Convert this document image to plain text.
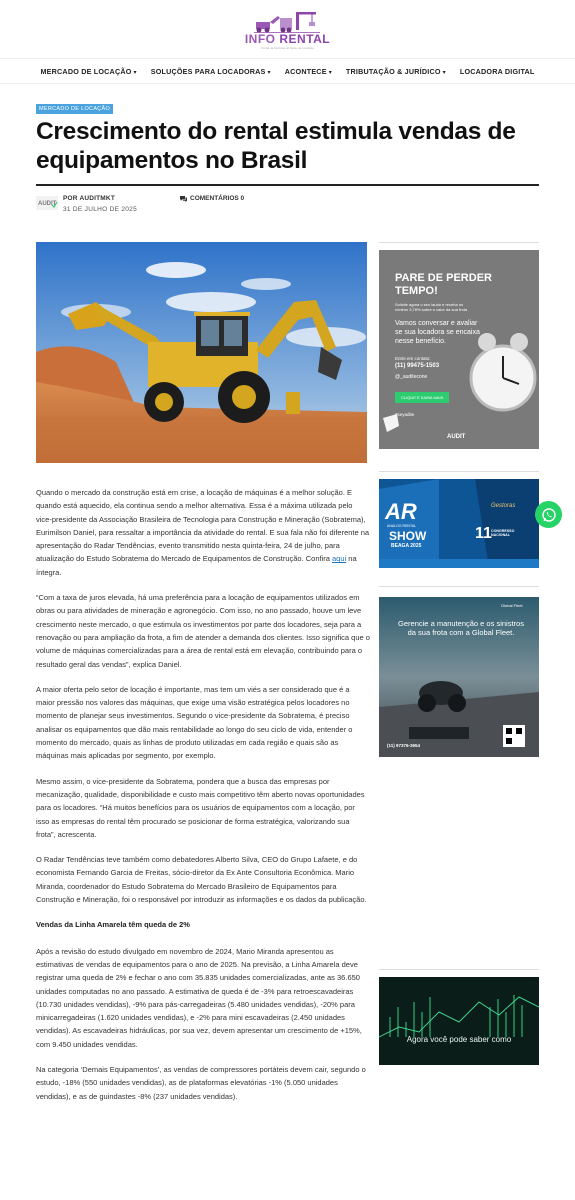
INFO RENTAL
Portal de Notícias do Setor de Locação
MERCADO DE LOCAÇÃO ▾ SOLUÇÕES PARA LOCADORAS ▾ ACONTECE ▾ TRIBUTAÇÃO & JURÍDICO ▾ LOCADORA DIGITAL
MERCADO DE LOCAÇÃO
Crescimento do rental estimula vendas de equipamentos no Brasil
AUDIT
POR AUDITMKT
31 DE JULHO DE 2025
COMENTÁRIOS 0

Quando o mercado da construção está em crise, a locação de máquinas é a melhor solução. E quando está aquecido, ela continua sendo a melhor alternativa. Essa é a máxima utilizada pelo vice-presidente da Associação Brasileira de Tecnologia para Construção e Mineração (Sobratema), Eurimilson Daniel, para ressaltar a importância da atividade do rental. E sua fala não foi diferente na apresentação do Radar Tendências, evento transmitido nesta quinta-feira, 24 de julho, para atualização do Estudo Sobratema do Mercado de Equipamentos de Construção. Confira aqui na íntegra.

“Com a taxa de juros elevada, há uma preferência para a locação de equipamentos utilizados em obras ou para atividades de mineração e agronegócio. Com isso, no ano passado, houve um leve crescimento neste mercado, o que estimula os investimentos por parte dos locadores, seja para a renovação ou para ampliação da frota, a fim de atender a demanda dos clientes. Isso significa que o volume de máquinas comercializadas para a área de rental está em elevação, contribuindo para o resultado geral das vendas”, explica Daniel.

A maior oferta pelo setor de locação é importante, mas tem um viés a ser considerado que é a maior pressão nos valores das máquinas, que exige uma visão estratégica pelos locadores no momento de planejar seus investimentos. Segundo o vice-presidente da Sobratema, é preciso analisar os equipamentos que dão mais rentabilidade ao longo do seu ciclo de vida, entender o momento do mercado, quais as linhas de produto utilizadas em cada região e quais são as máquinas mais aplicadas por segmento, por exemplo.

Mesmo assim, o vice-presidente da Sobratema, pondera que a busca das empresas por mecanização, qualidade, disponibilidade e custo mais competitivo têm aberto novas oportunidades para os locadores. “Há muitos benefícios para os usuários de equipamentos com a locação, por isso as empresas do rental têm procurado se posicionar de forma estratégica, valorizando sua frota”, acrescenta.

O Radar Tendências teve também como debatedores Alberto Silva, CEO do Grupo Lafaete, e do economista Fernando Garcia de Freitas, sócio-diretor da Ex Ante Consultoria Econômica. Mario Miranda, coordenador do Estudo Sobratema do Mercado Brasileiro de Equipamentos para Construção e Mineração, foi o responsável por introduzir as informações e os dados da publicação.

Vendas da Linha Amarela têm queda de 2%

Após a revisão do estudo divulgado em novembro de 2024, Mario Miranda apresentou as estimativas de vendas de equipamentos para o ano de 2025. Na previsão, a Linha Amarela deve registrar uma queda de 2% e fechar o ano com 35.835 unidades comercializadas, ante as 36.650 unidades computadas no ano passado. A estimativa de queda é de -3% para retroescavadeiras (10.730 unidades vendidas), -9% para pás-carregadeiras (5.480 unidades vendidas), -20% para minicarregadeiras (1.620 unidades vendidas), e -2% para mini escavadeiras (2.450 unidades vendidas). As escavadeiras hidráulicas, por sua vez, devem apresentar um crescimento de +15%, com 9.450 unidades vendidas.

Na categoria ‘Demais Equipamentos’, as vendas de compressores portáteis devem cair, segundo o estudo, -18% (550 unidades vendidas), as de plataformas elevatórias -1% (5.050 unidades vendidas), e as de guindastes -8% (237 unidades vendidas).

PARE DE PERDER
TEMPO!
Solicite agora o seu laudo e receba no
mínimo 3,78% sobre o valor da sua frota
Vamos conversar e avaliar
se sua locadora se encaixa
nesse benefício.
Entre em contato:
(11) 99475-1503
@_auditecone
CLIQUE E SAIBA MAIS
#seyadite
AUDIT
AR
ANALOG RENTAL
SHOW
BEAGA 2025
11 CONGRESSO NACIONAL
Gestoras
Gerencie a manutenção e os sinistros da sua frota com a Global Fleet.
(11) 97376-3654
Global Fleet
Agora você pode saber como
